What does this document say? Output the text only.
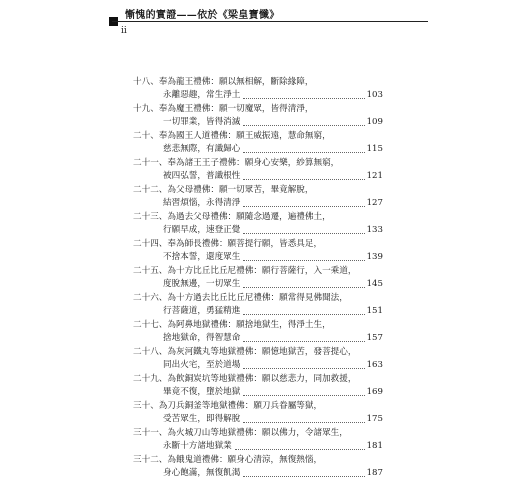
慚愧的實證——依於《梁皇寶懺》
ii
十八、奉為龍王禮佛：願以無相解，斷除緣障，
永離惡趣，常生淨土	103
十九、奉為魔王禮佛：願一切魔眾，皆得清淨，
一切罪業，皆得消滅	109
二十、奉為國王人道禮佛：願王威振遠，慧命無窮，
慈悲無際，有識歸心	115
二十一、奉為諸王王子禮佛：願身心安樂，紗算無窮，
被四弘誓，普識根性	121
二十二、為父母禮佛：願一切眾苦，畢竟解脫，
結習煩惱，永得清淨	127
二十三、為過去父母禮佛：願隨念過遷，遍禮佛土，
行願早成，速登正覺	133
二十四、奉為師長禮佛：願菩提行願，皆悉具足，
不捨本誓，還度眾生	139
二十五、為十方比丘比丘尼禮佛：願行菩薩行，入一乘道，
度脫無邊，一切眾生	145
二十六、為十方過去比丘比丘尼禮佛：願常得見佛聞法，
行菩薩道，勇猛精進	151
二十七、為阿鼻地獄禮佛：願捨地獄生，得淨土生，
捨地獄命，得智慧命	157
二十八、為灰河鐵丸等地獄禮佛：願憶地獄苦，發菩提心，
同出火宅，至於道場	163
二十九、為飲銅炭坑等地獄禮佛：願以慈悲力，同加救援，
畢竟不復，墮於地獄	169
三十、為刀兵銅釜等地獄禮佛：願刀兵眷屬等獄，
受苦眾生，即得解脫	175
三十一、為火城刀山等地獄禮佛：願以佛力，令諸眾生，
永斷十方諸地獄業	181
三十二、為餓鬼道禮佛：願身心清涼，無復熱惱，
身心飽滿，無復飢渴	187
